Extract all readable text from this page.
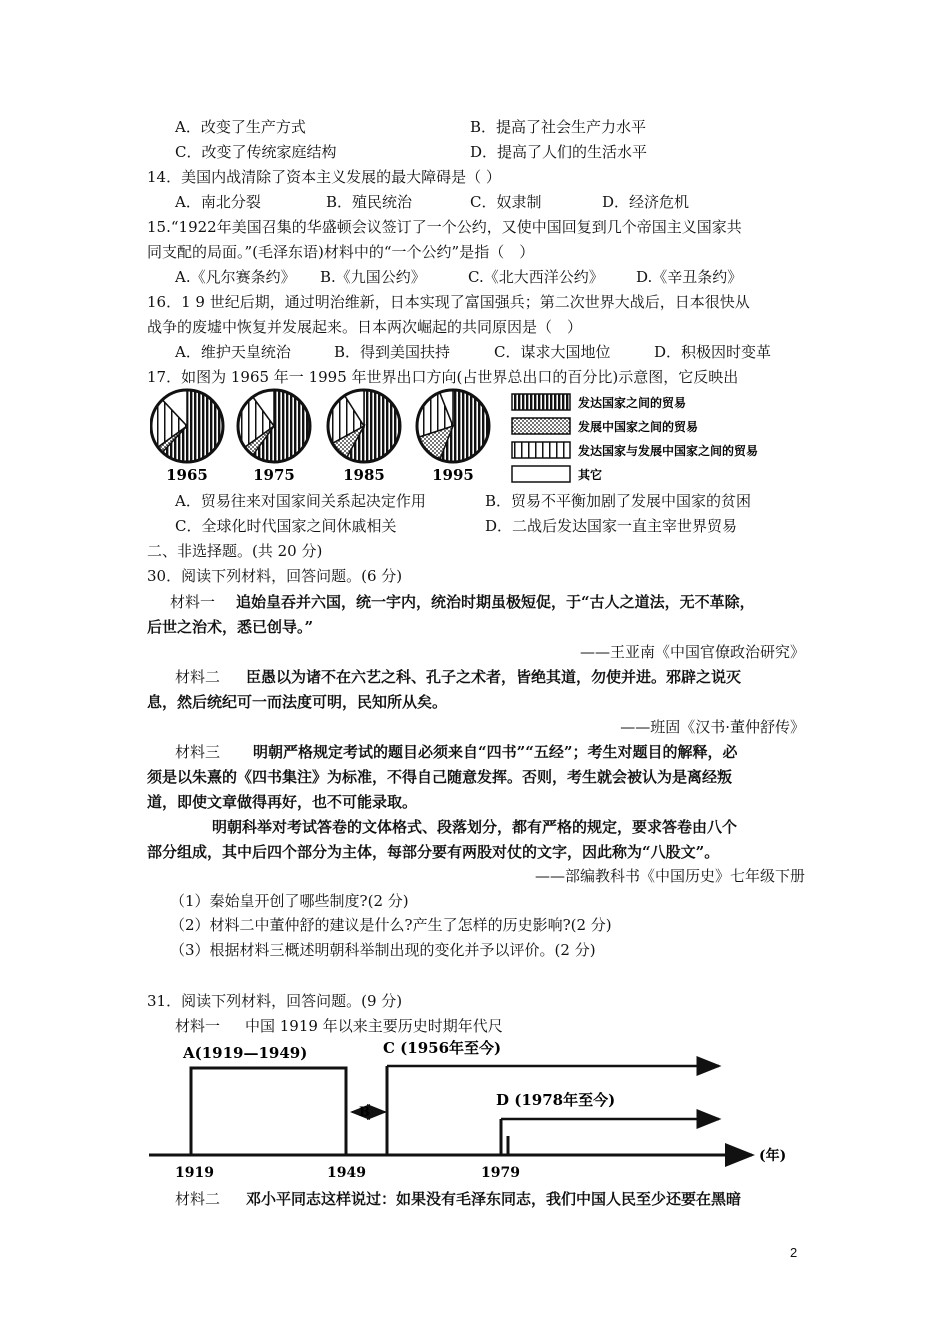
A．改变了生产方式	B．提高了社会生产力水平
C．改变了传统家庭结构	D．提高了人们的生活水平
14．美国内战清除了资本主义发展的最大障碍是（ ）
A．南北分裂	B．殖民统治	C．奴隶制	D．经济危机
15.“1922年美国召集的华盛顿会议签订了一个公约，又使中国回复到几个帝国主义国家共
同支配的局面。”(毛泽东语)材料中的“一个公约”是指（　）
A.《凡尔赛条约》 B.《九国公约》	C.《北大西洋公约》 D.《辛丑条约》
16．1 9 世纪后期，通过明治维新，日本实现了富国强兵；第二次世界大战后，日本很快从
战争的废墟中恢复并发展起来。日本两次崛起的共同原因是（　）
A．维护天皇统治	B．得到美国扶持	C．谋求大国地位	D．积极因时变革
17．如图为 1965 年一 1995 年世界出口方向(占世界总出口的百分比)示意图，它反映出
1965	1975	1985	1995
发达国家之间的贸易
发展中国家之间的贸易
发达国家与发展中国家之间的贸易
其它
A．贸易往来对国家间关系起决定作用	B．贸易不平衡加剧了发展中国家的贫困
C．全球化时代国家之间休戚相关	D．二战后发达国家一直主宰世界贸易
二、非选择题。(共 20 分)
30．阅读下列材料，回答问题。(6 分)
材料一 追始皇吞并六国，统一宇内，统治时期虽极短促，于“古人之道法，无不革除，
后世之治术，悉已创导。”
——王亚南《中国官僚政治研究》
材料二 臣愚以为诸不在六艺之科、孔子之术者，皆绝其道，勿使并进。邪辟之说灭
息，然后统纪可一而法度可明，民知所从矣。
——班固《汉书·董仲舒传》
材料三 明朝严格规定考试的题目必须来自“四书”“五经”；考生对题目的解释，必
须是以朱熹的《四书集注》为标准，不得自己随意发挥。否则，考生就会被认为是离经叛
道，即使文章做得再好，也不可能录取。
明朝科举对考试答卷的文体格式、段落划分，都有严格的规定，要求答卷由八个
部分组成，其中后四个部分为主体，每部分要有两股对仗的文字，因此称为“八股文”。
——部编教科书《中国历史》七年级下册
（1）秦始皇开创了哪些制度?(2 分)
（2）材料二中董仲舒的建议是什么?产生了怎样的历史影响?(2 分)
（3）根据材料三概述明朝科举制出现的变化并予以评价。(2 分)
31．阅读下列材料，回答问题。(9 分)
材料一 中国 1919 年以来主要历史时期年代尺
(年)
A(1919—1949)
B
C (1956年至今)
D (1978年至今)
1919	1949	1979
材料二 邓小平同志这样说过：如果没有毛泽东同志，我们中国人民至少还要在黑暗
2
